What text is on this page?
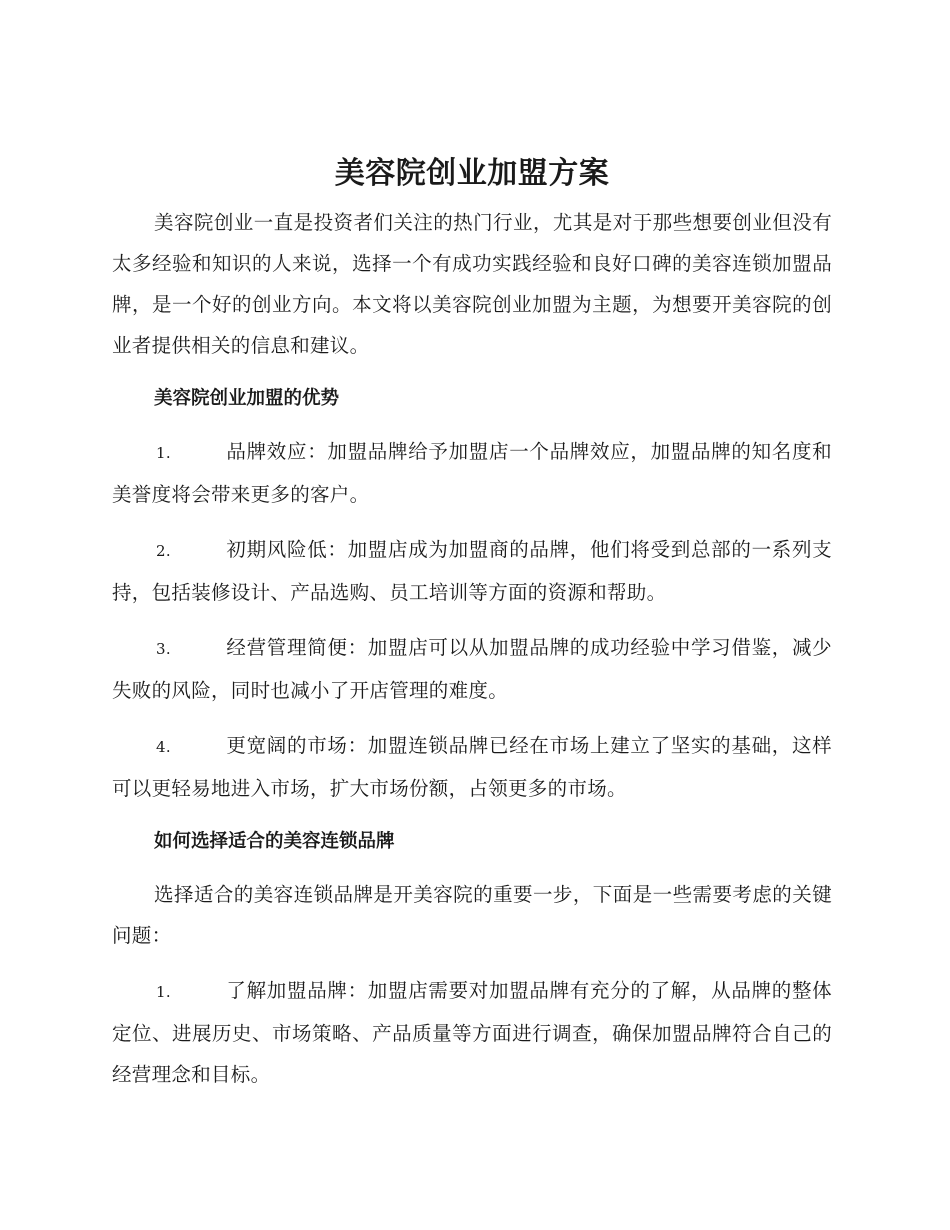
美容院创业加盟方案

美容院创业一直是投资者们关注的热门行业，尤其是对于那些想要创业但没有太多经验和知识的人来说，选择一个有成功实践经验和良好口碑的美容连锁加盟品牌，是一个好的创业方向。本文将以美容院创业加盟为主题，为想要开美容院的创业者提供相关的信息和建议。

美容院创业加盟的优势

1.	品牌效应：加盟品牌给予加盟店一个品牌效应，加盟品牌的知名度和美誉度将会带来更多的客户。

2.	初期风险低：加盟店成为加盟商的品牌，他们将受到总部的一系列支持，包括装修设计、产品选购、员工培训等方面的资源和帮助。

3.	经营管理简便：加盟店可以从加盟品牌的成功经验中学习借鉴，减少失败的风险，同时也减小了开店管理的难度。

4.	更宽阔的市场：加盟连锁品牌已经在市场上建立了坚实的基础，这样可以更轻易地进入市场，扩大市场份额，占领更多的市场。

如何选择适合的美容连锁品牌

选择适合的美容连锁品牌是开美容院的重要一步，下面是一些需要考虑的关键问题：

1.	了解加盟品牌：加盟店需要对加盟品牌有充分的了解，从品牌的整体定位、进展历史、市场策略、产品质量等方面进行调查，确保加盟品牌符合自己的经营理念和目标。
